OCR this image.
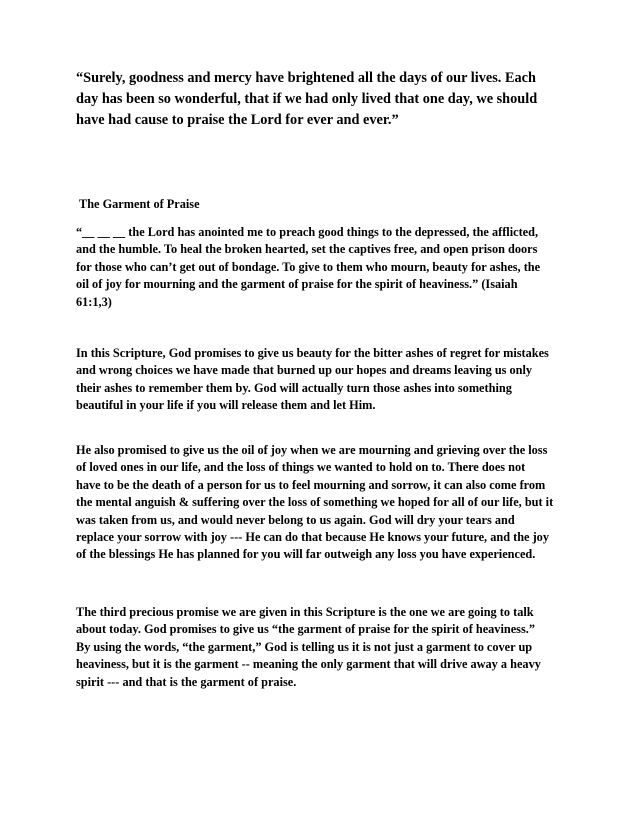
“Surely, goodness and mercy have brightened all the days of our lives. Each
day has been so wonderful, that if we had only lived that one day, we should
have had cause to praise the Lord for ever and ever.”
The Garment of Praise
“__ __ __ the Lord has anointed me to preach good things to the depressed, the afflicted,
and the humble. To heal the broken hearted, set the captives free, and open prison doors
for those who can’t get out of bondage. To give to them who mourn, beauty for ashes, the
oil of joy for mourning and the garment of praise for the spirit of heaviness.” (Isaiah
61:1,3)
In this Scripture, God promises to give us beauty for the bitter ashes of regret for mistakes
and wrong choices we have made that burned up our hopes and dreams leaving us only
their ashes to remember them by. God will actually turn those ashes into something
beautiful in your life if you will release them and let Him.
He also promised to give us the oil of joy when we are mourning and grieving over the loss
of loved ones in our life, and the loss of things we wanted to hold on to. There does not
have to be the death of a person for us to feel mourning and sorrow, it can also come from
the mental anguish & suffering over the loss of something we hoped for all of our life, but it
was taken from us, and would never belong to us again. God will dry your tears and
replace your sorrow with joy --- He can do that because He knows your future, and the joy
of the blessings He has planned for you will far outweigh any loss you have experienced.
The third precious promise we are given in this Scripture is the one we are going to talk
about today. God promises to give us “the garment of praise for the spirit of heaviness.”
By using the words, “the garment,” God is telling us it is not just a garment to cover up
heaviness, but it is the garment -- meaning the only garment that will drive away a heavy
spirit --- and that is the garment of praise.
